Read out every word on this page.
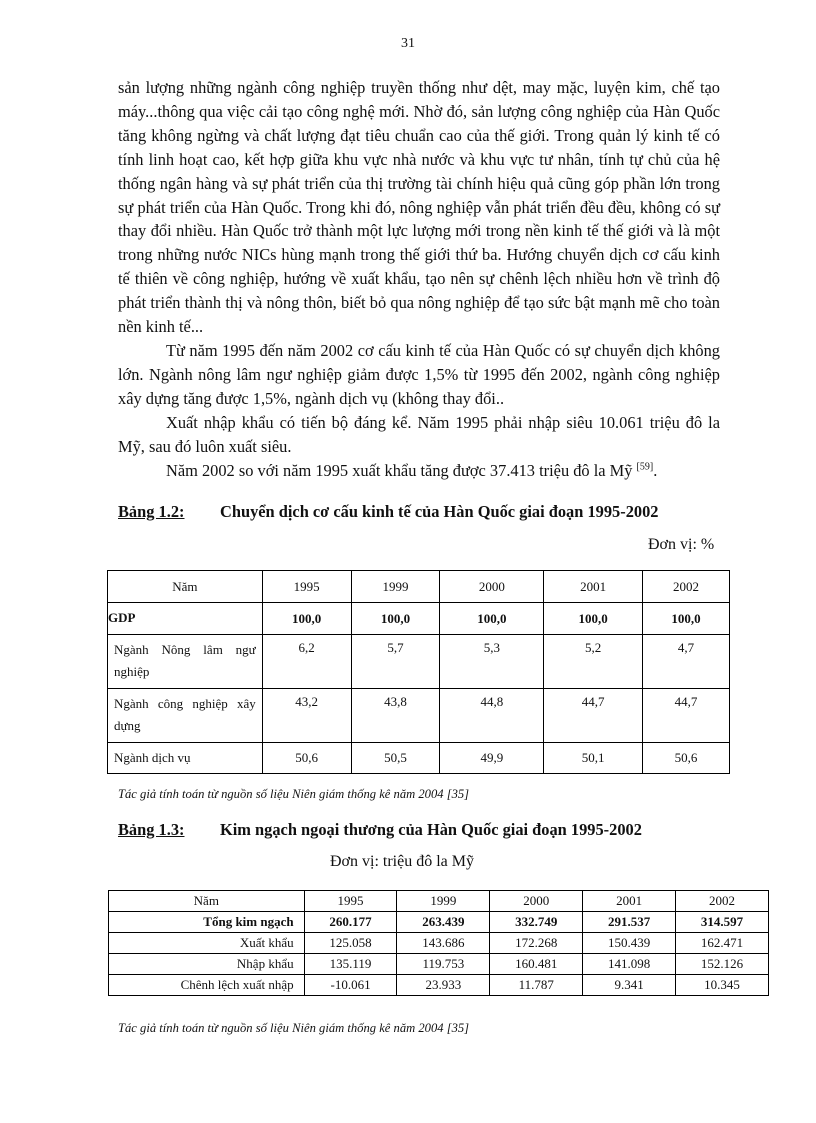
31

sản lượng những ngành công nghiệp truyền thống như dệt, may mặc, luyện kim, chế tạo máy...thông qua việc cải tạo công nghệ mới. Nhờ đó, sản lượng công nghiệp của Hàn Quốc tăng không ngừng và chất lượng đạt tiêu chuẩn cao của thế giới. Trong quản lý kinh tế có tính linh hoạt cao, kết hợp giữa khu vực nhà nước và khu vực tư nhân, tính tự chủ của hệ thống ngân hàng và sự phát triển của thị trường tài chính hiệu quả cũng góp phần lớn trong sự phát triển của Hàn Quốc. Trong khi đó, nông nghiệp vẫn phát triển đều đều, không có sự thay đổi nhiều. Hàn Quốc trở thành một lực lượng mới trong nền kinh tế thế giới và là một trong những nước NICs hùng mạnh trong thế giới thứ ba. Hướng chuyển dịch cơ cấu kinh tế thiên về công nghiệp, hướng về xuất khẩu, tạo nên sự chênh lệch nhiều hơn về trình độ phát triển thành thị và nông thôn, biết bỏ qua nông nghiệp để tạo sức bật mạnh mẽ cho toàn nền kinh tế...

Từ năm 1995 đến năm 2002 cơ cấu kinh tế của Hàn Quốc có sự chuyển dịch không lớn. Ngành nông lâm ngư nghiệp giảm được 1,5% từ 1995 đến 2002, ngành công nghiệp xây dựng tăng được 1,5%, ngành dịch vụ (không thay đổi..

Xuất nhập khẩu có tiến bộ đáng kể. Năm 1995 phải nhập siêu 10.061 triệu đô la Mỹ, sau đó luôn xuất siêu.

Năm 2002 so với năm 1995 xuất khẩu tăng được 37.413 triệu đô la Mỹ [59].

Bảng 1.2: Chuyển dịch cơ cấu kinh tế của Hàn Quốc giai đoạn 1995-2002
Đơn vị: %
Năm	1995	1999	2000	2001	2002
GDP	100,0	100,0	100,0	100,0	100,0
Ngành Nông lâm ngư nghiệp	6,2	5,7	5,3	5,2	4,7
Ngành công nghiệp xây dựng	43,2	43,8	44,8	44,7	44,7
Ngành dịch vụ	50,6	50,5	49,9	50,1	50,6
Tác giả tính toán từ nguồn số liệu Niên giám thống kê năm 2004 [35]
Bảng 1.3: Kim ngạch ngoại thương của Hàn Quốc giai đoạn 1995-2002
Đơn vị: triệu đô la Mỹ
Năm	1995	1999	2000	2001	2002
Tổng kim ngạch	260.177	263.439	332.749	291.537	314.597
Xuất khẩu	125.058	143.686	172.268	150.439	162.471
Nhập khẩu	135.119	119.753	160.481	141.098	152.126
Chênh lệch xuất nhập	-10.061	23.933	11.787	9.341	10.345
Tác giả tính toán từ nguồn số liệu Niên giám thống kê năm 2004 [35]
